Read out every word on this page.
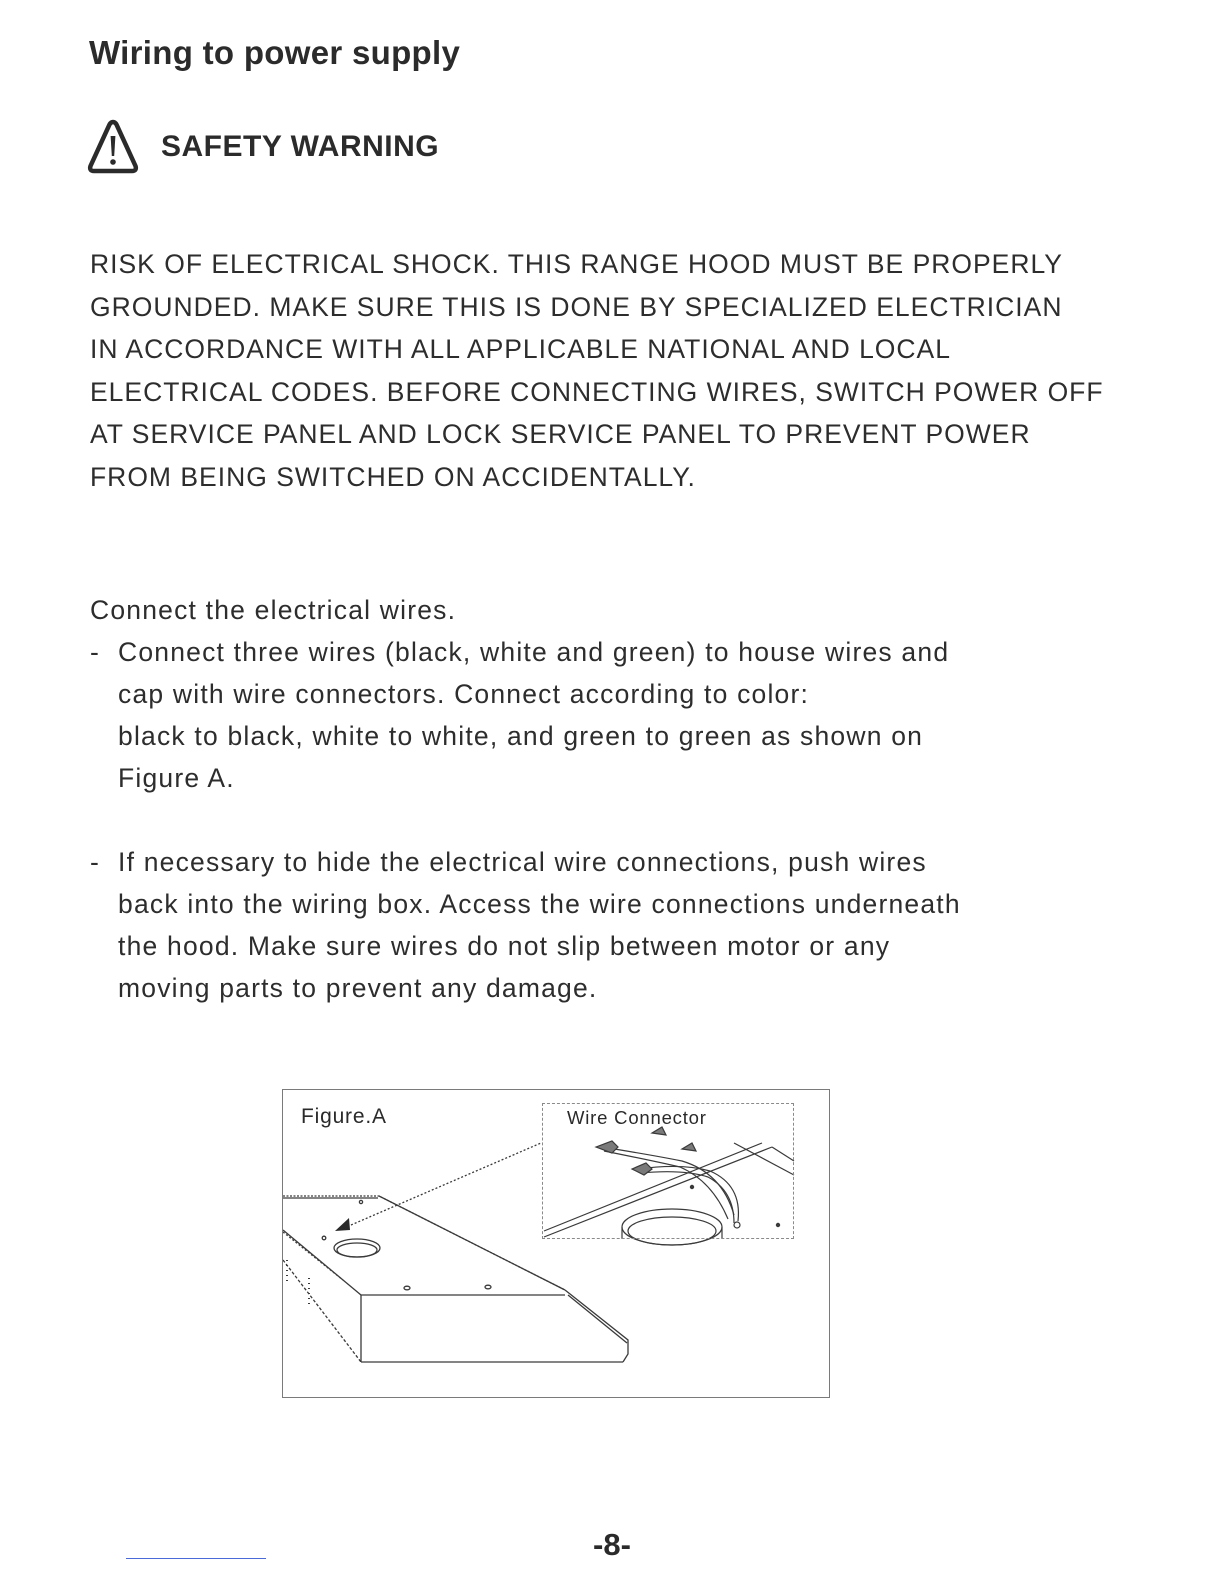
Wiring to power supply
SAFETY WARNING

RISK OF ELECTRICAL SHOCK. THIS RANGE HOOD MUST BE PROPERLY
GROUNDED. MAKE SURE THIS IS DONE BY SPECIALIZED ELECTRICIAN
IN ACCORDANCE WITH ALL APPLICABLE NATIONAL AND LOCAL
ELECTRICAL CODES. BEFORE CONNECTING WIRES, SWITCH POWER OFF
AT SERVICE PANEL AND LOCK SERVICE PANEL TO PREVENT POWER
FROM BEING SWITCHED ON ACCIDENTALLY.

Connect the electrical wires.

- Connect three wires (black, white and green) to house wires and
cap with wire connectors. Connect according to color:
black to black, white to white, and green to green as shown on
Figure A.
- If necessary to hide the electrical wire connections, push wires
back into the wiring box. Access the wire connections underneath
the hood. Make sure wires do not slip between motor or any
moving parts to prevent any damage.
Figure.A	Wire Connector
-8-
